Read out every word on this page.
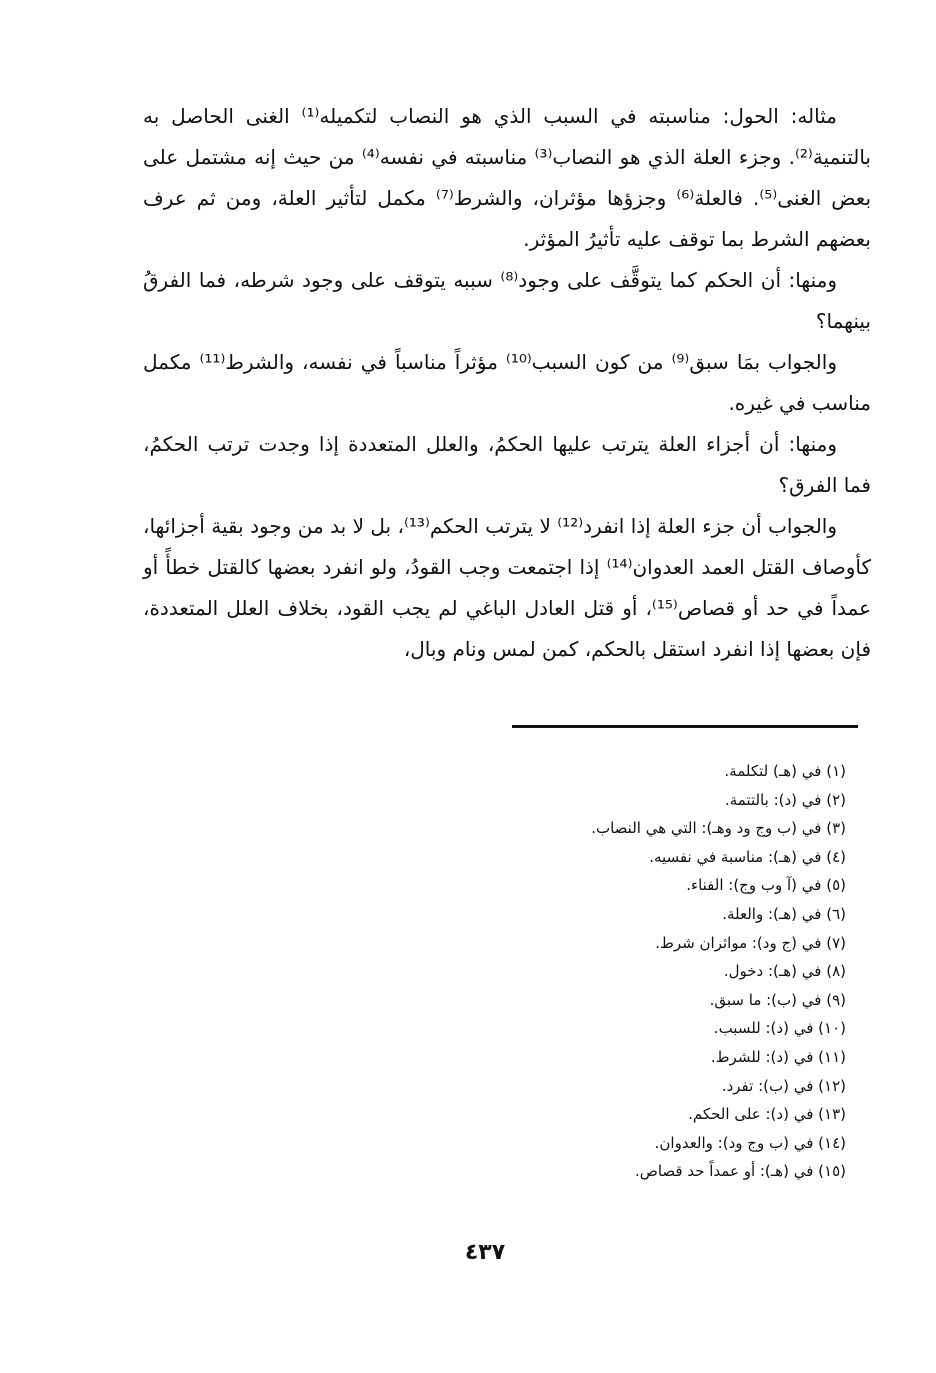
مثاله: الحول: مناسبته في السبب الذي هو النصاب لتكميله⁽¹⁾ الغنى الحاصل به بالتنمية⁽²⁾. وجزء العلة الذي هو النصاب⁽³⁾ مناسبته في نفسه⁽⁴⁾ من حيث إنه مشتمل على بعض الغنى⁽⁵⁾. فالعلة⁽⁶⁾ وجزؤها مؤثران، والشرط⁽⁷⁾ مكمل لتأثير العلة، ومن ثم عرف بعضهم الشرط بما توقف عليه تأثيرُ المؤثر.

ومنها: أن الحكم كما يتوقَّف على وجود⁽⁸⁾ سببه يتوقف على وجود شرطه، فما الفرقُ بينهما؟

والجواب بمَا سبق⁽⁹⁾ من كون السبب⁽¹⁰⁾ مؤثراً مناسباً في نفسه، والشرط⁽¹¹⁾ مكمل مناسب في غيره.

ومنها: أن أجزاء العلة يترتب عليها الحكمُ، والعلل المتعددة إذا وجدت ترتب الحكمُ، فما الفرق؟

والجواب أن جزء العلة إذا انفرد⁽¹²⁾ لا يترتب الحكم⁽¹³⁾، بل لا بد من وجود بقية أجزائها، كأوصاف القتل العمد العدوان⁽¹⁴⁾ إذا اجتمعت وجب القودُ، ولو انفرد بعضها كالقتل خطأً أو عمداً في حد أو قصاص⁽¹⁵⁾، أو قتل العادل الباغي لم يجب القود، بخلاف العلل المتعددة، فإن بعضها إذا انفرد استقل بالحكم، كمن لمس ونام وبال،

(١) في (هـ) لتكلمة.
(٢) في (د): بالتتمة.
(٣) في (ب وج ود وهـ): التي هي النصاب.
(٤) في (هـ): مناسبة في نفسيه.
(٥) في (آ وب وج): الفناء.
(٦) في (هـ): والعلة.
(٧) في (ج ود): مواثران شرط.
(٨) في (هـ): دخول.
(٩) في (ب): ما سبق.
(١٠) في (د): للسبب.
(١١) في (د): للشرط.
(١٢) في (ب): تفرد.
(١٣) في (د): على الحكم.
(١٤) في (ب وج ود): والعدوان.
(١٥) في (هـ): أو عمداً حد قصاص.
٤٣٧
